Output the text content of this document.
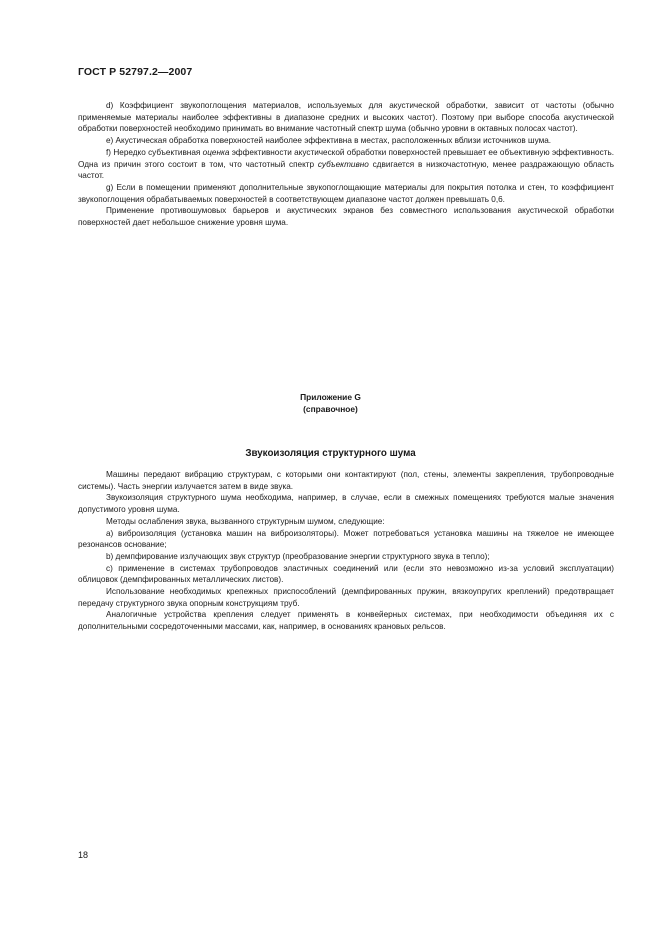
ГОСТ Р 52797.2—2007

d) Коэффициент звукопоглощения материалов, используемых для акустической обработки, зависит от частоты (обычно применяемые материалы наиболее эффективны в диапазоне средних и высоких частот). Поэтому при выборе способа акустической обработки поверхностей необходимо принимать во внимание частотный спектр шума (обычно уровни в октавных полосах частот).

e) Акустическая обработка поверхностей наиболее эффективна в местах, расположенных вблизи источников шума.

f) Нередко субъективная оценка эффективности акустической обработки поверхностей превышает ее объективную эффективность. Одна из причин этого состоит в том, что частотный спектр субъективно сдвигается в низкочастотную, менее раздражающую область частот.

g) Если в помещении применяют дополнительные звукопоглощающие материалы для покрытия потолка и стен, то коэффициент звукопоглощения обрабатываемых поверхностей в соответствующем диапазоне частот должен превышать 0,6.

Применение противошумовых барьеров и акустических экранов без совместного использования акустической обработки поверхностей дает небольшое снижение уровня шума.

Приложение G
(справочное)
Звукоизоляция структурного шума

Машины передают вибрацию структурам, с которыми они контактируют (пол, стены, элементы закрепления, трубопроводные системы). Часть энергии излучается затем в виде звука.

Звукоизоляция структурного шума необходима, например, в случае, если в смежных помещениях требуются малые значения допустимого уровня шума.

Методы ослабления звука, вызванного структурным шумом, следующие:

а) виброизоляция (установка машин на виброизоляторы). Может потребоваться установка машины на тяжелое не имеющее резонансов основание;

b) демпфирование излучающих звук структур (преобразование энергии структурного звука в тепло);

с) применение в системах трубопроводов эластичных соединений или (если это невозможно из-за условий эксплуатации) облицовок (демпфированных металлических листов).

Использование необходимых крепежных приспособлений (демпфированных пружин, вязкоупругих креплений) предотвращает передачу структурного звука опорным конструкциям труб.

Аналогичные устройства крепления следует применять в конвейерных системах, при необходимости объединяя их с дополнительными сосредоточенными массами, как, например, в основаниях крановых рельсов.

18
